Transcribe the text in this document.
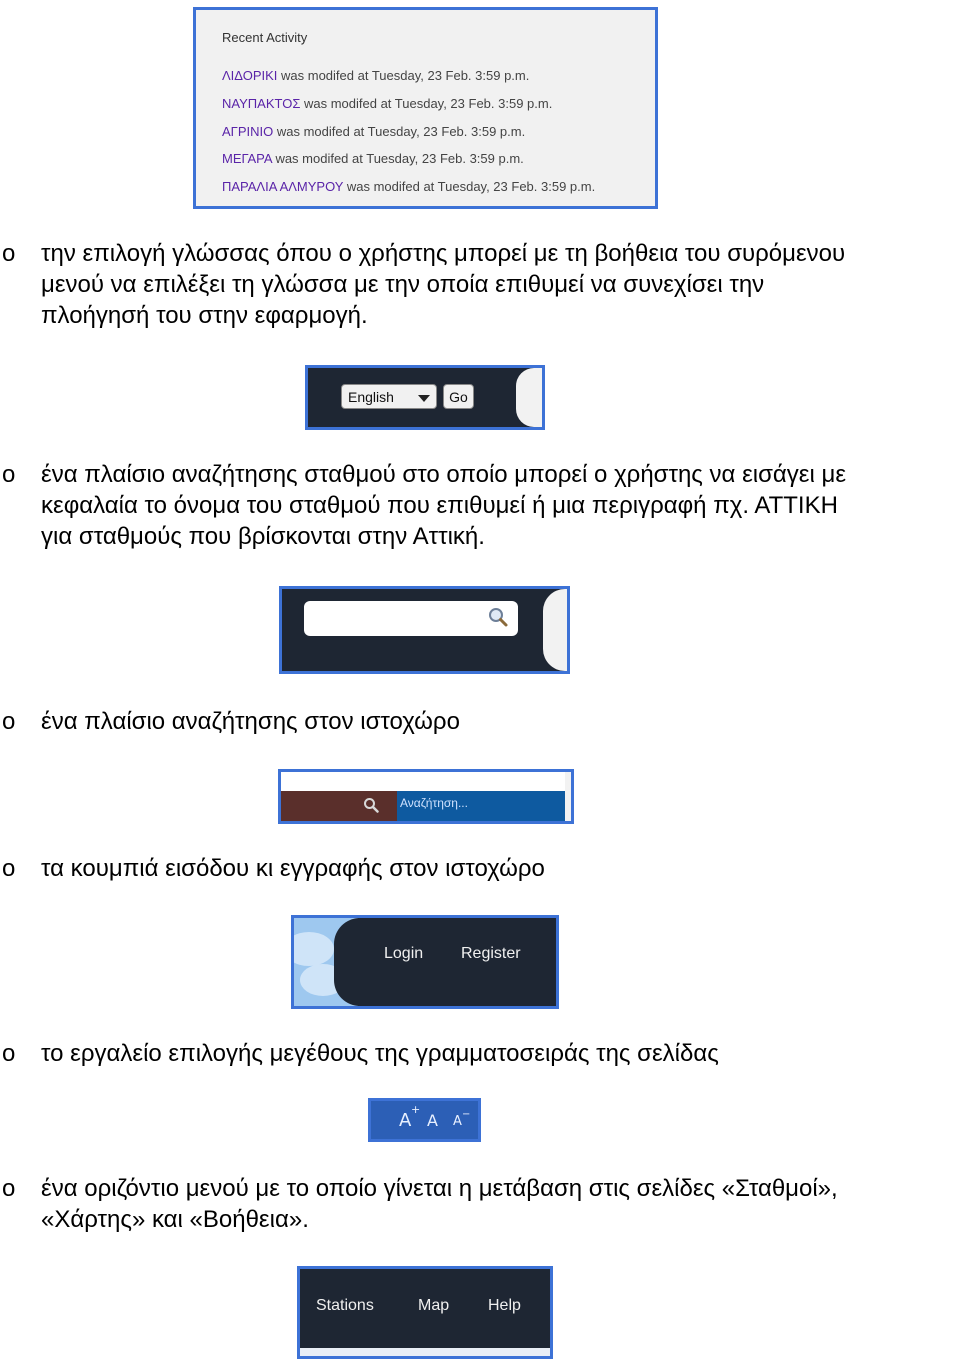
Recent Activity
ΛΙΔΟΡΙΚΙ was modifed at Tuesday, 23 Feb. 3:59 p.m.
ΝΑΥΠΑΚΤΟΣ was modifed at Tuesday, 23 Feb. 3:59 p.m.
ΑΓΡΙΝΙΟ was modifed at Tuesday, 23 Feb. 3:59 p.m.
ΜΕΓΑΡΑ was modifed at Tuesday, 23 Feb. 3:59 p.m.
ΠΑΡΑΛΙΑ ΑΛΜΥΡΟΥ was modifed at Tuesday, 23 Feb. 3:59 p.m.
o την επιλογή γλώσσας όπου ο χρήστης μπορεί με τη βοήθεια του συρόμενου
μενού να επιλέξει τη γλώσσα με την οποία επιθυμεί να συνεχίσει την
πλοήγησή του στην εφαρμογή.
English	Go
o ένα πλαίσιο αναζήτησης σταθμού στο οποίο μπορεί ο χρήστης να εισάγει με
κεφαλαία το όνομα του σταθμού που επιθυμεί ή μια περιγραφή πχ. ΑΤΤΙΚΗ
για σταθμούς που βρίσκονται στην Αττική.
o ένα πλαίσιο αναζήτησης στον ιστοχώρο
Αναζήτηση...
o τα κουμπιά εισόδου κι εγγραφής στον ιστοχώρο
Login Register
o το εργαλείο επιλογής μεγέθους της γραμματοσειράς της σελίδας
A
+
A A −
o ένα οριζόντιο μενού με το οποίο γίνεται η μετάβαση στις σελίδες «Σταθμοί»,
«Χάρτης» και «Βοήθεια».
Stations	Map Help
